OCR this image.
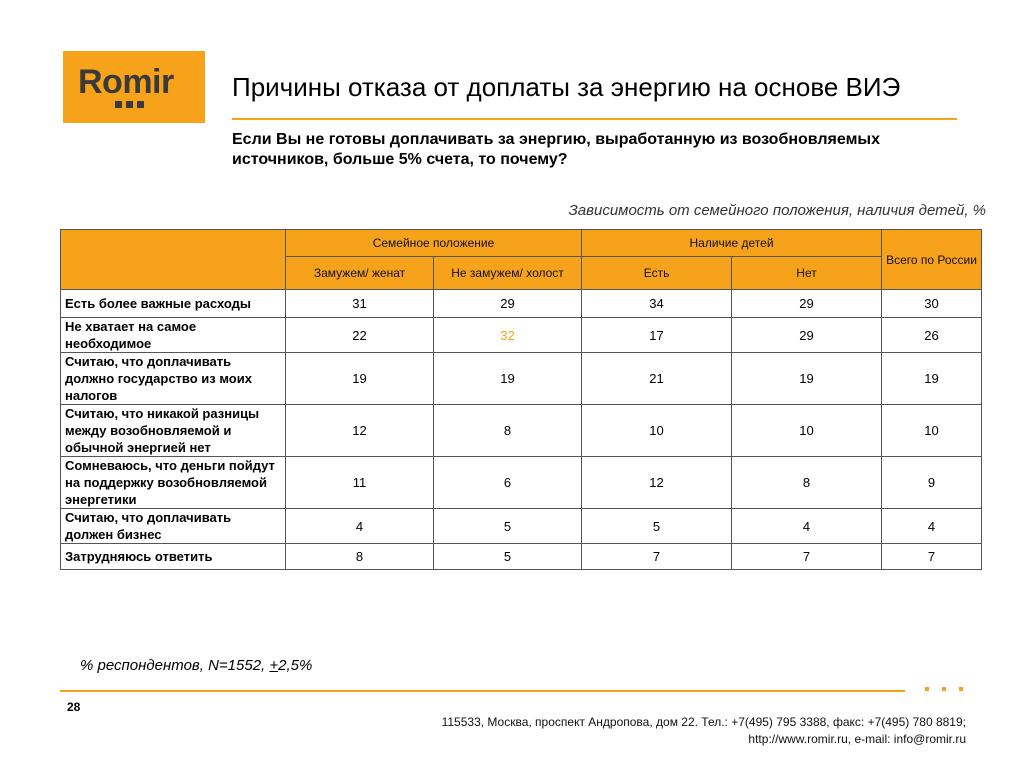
Romir Причины отказа от доплаты за энергию на основе ВИЭ
Если Вы не готовы доплачивать за энергию, выработанную из возобновляемых источников, больше 5% счета, то почему?
Зависимость от семейного положения, наличия детей, %
	Семейное положение		Наличие детей		Всего по России
	Замужем/ женат	Не замужем/ холост	Есть	Нет	
Есть более важные расходы	31	29	34	29	30
Не хватает на самое необходимое	22	32	17	29	26
Считаю, что доплачивать должно государство из моих налогов	19	19	21	19	19
Считаю, что никакой разницы между возобновляемой и обычной энергией нет	12	8	10	10	10
Сомневаюсь, что деньги пойдут на поддержку возобновляемой энергетики	11	6	12	8	9
Считаю, что доплачивать должен бизнес	4	5	5	4	4
Затрудняюсь ответить	8	5	7	7	7
% респондентов, N=1552, +2,5%
28
115533, Москва, проспект Андропова, дом 22. Тел.: +7(495) 795 3388, факс: +7(495) 780 8819;
http://www.romir.ru, e-mail: info@romir.ru
